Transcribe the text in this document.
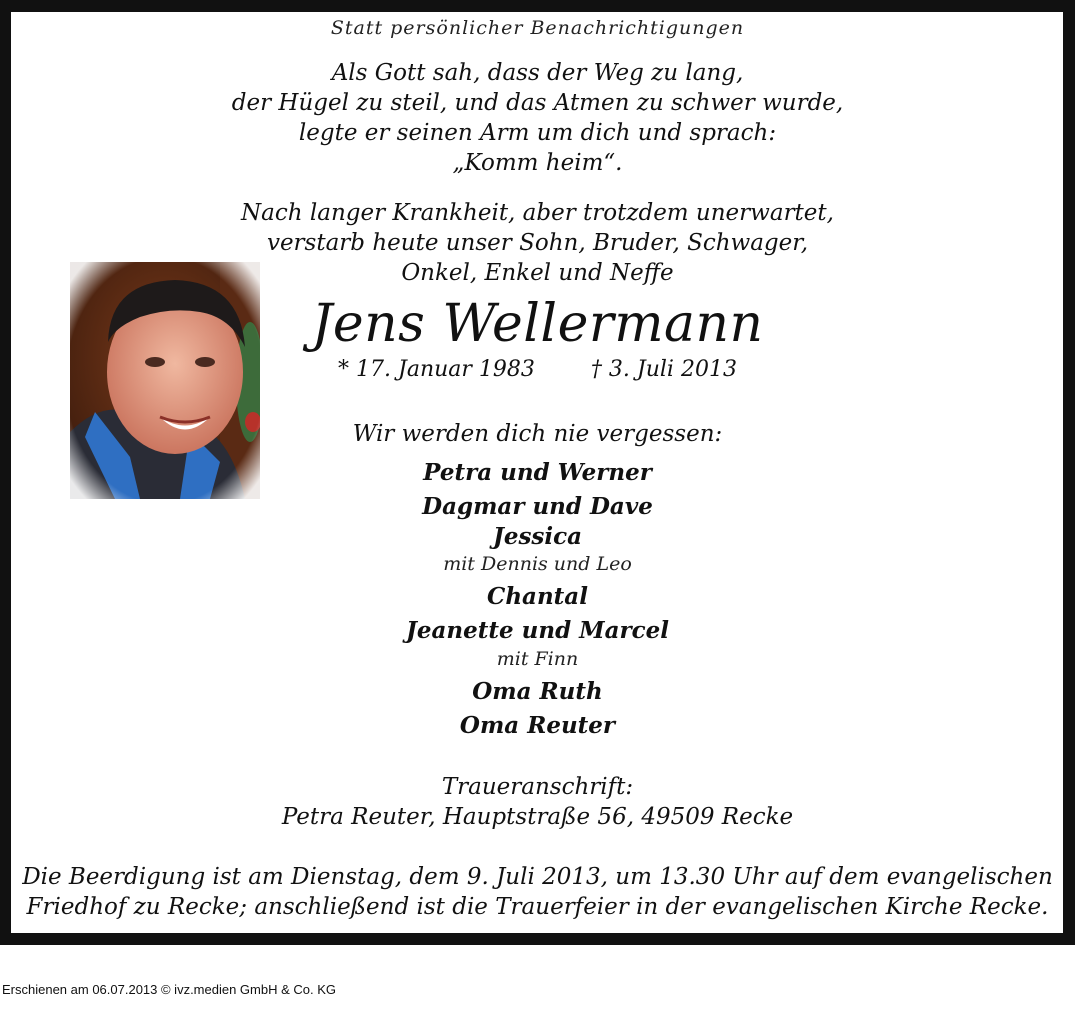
Statt persönlicher Benachrichtigungen
Als Gott sah, dass der Weg zu lang,
der Hügel zu steil, und das Atmen zu schwer wurde,
legte er seinen Arm um dich und sprach:
„Komm heim“.
Nach langer Krankheit, aber trotzdem unerwartet,
verstarb heute unser Sohn, Bruder, Schwager,
Onkel, Enkel und Neffe
Jens Wellermann
* 17. Januar 1983	† 3. Juli 2013
Wir werden dich nie vergessen:
Petra und Werner
Dagmar und Dave
Jessica
mit Dennis und Leo
Chantal
Jeanette und Marcel
mit Finn
Oma Ruth
Oma Reuter
Traueranschrift:
Petra Reuter, Hauptstraße 56, 49509 Recke
Die Beerdigung ist am Dienstag, dem 9. Juli 2013, um 13.30 Uhr auf dem evangelischen
Friedhof zu Recke; anschließend ist die Trauerfeier in der evangelischen Kirche Recke.
Erschienen am 06.07.2013 © ivz.medien GmbH & Co. KG
